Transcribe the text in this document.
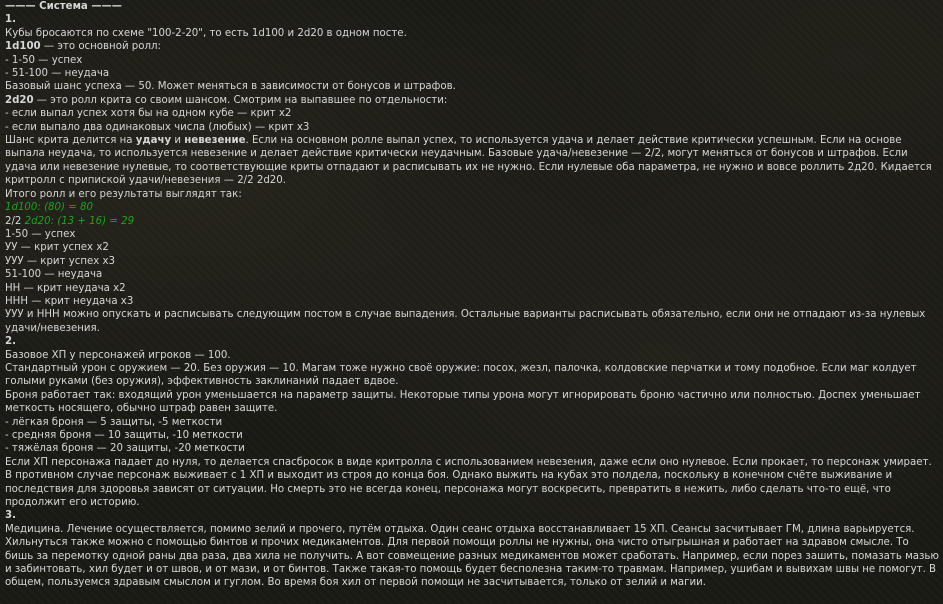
——— Система ———
1.
Кубы бросаются по схеме "100-2-20", то есть 1d100 и 2d20 в одном посте.
1d100 — это основной ролл:
- 1-50 — успех
- 51-100 — неудача
Базовый шанс успеха — 50. Может меняться в зависимости от бонусов и штрафов.
2d20 — это ролл крита со своим шансом. Смотрим на выпавшее по отдельности:
- если выпал успех хотя бы на одном кубе — крит x2
- если выпало два одинаковых числа (любых) — крит x3
Шанс крита делится на удачу и невезение. Если на основном ролле выпал успех, то используется удача и делает действие критически успешным. Если на основе выпала неудача, то используется невезение и делает действие критически неудачным. Базовые удача/невезение — 2/2, могут меняться от бонусов и штрафов. Если удача или невезение нулевые, то соответствующие криты отпадают и расписывать их не нужно. Если нулевые оба параметра, не нужно и вовсе роллить 2д20. Кидается критролл с припиской удачи/невезения — 2/2 2d20.
Итого ролл и его результаты выглядят так:
1d100: (80) = 80
2/2 2d20: (13 + 16) = 29
1-50 — успех
УУ — крит успех x2
УУУ — крит успех x3
51-100 — неудача
НН — крит неудача x2
ННН — крит неудача x3
УУУ и ННН можно опускать и расписывать следующим постом в случае выпадения. Остальные варианты расписывать обязательно, если они не отпадают из-за нулевых удачи/невезения.
2.
Базовое ХП у персонажей игроков — 100.
Стандартный урон с оружием — 20. Без оружия — 10. Магам тоже нужно своё оружие: посох, жезл, палочка, колдовские перчатки и тому подобное. Если маг колдует голыми руками (без оружия), эффективность заклинаний падает вдвое.
Броня работает так: входящий урон уменьшается на параметр защиты. Некоторые типы урона могут игнорировать броню частично или полностью. Доспех уменьшает меткость носящего, обычно штраф равен защите.
- лёгкая броня — 5 защиты, -5 меткости
- средняя броня — 10 защиты, -10 меткости
- тяжёлая броня — 20 защиты, -20 меткости
Если ХП персонажа падает до нуля, то делается спасбросок в виде критролла с использованием невезения, даже если оно нулевое. Если прокает, то персонаж умирает. В противном случае персонаж выживает с 1 ХП и выходит из строя до конца боя. Однако выжить на кубах это полдела, поскольку в конечном счёте выживание и последствия для здоровья зависят от ситуации. Но смерть это не всегда конец, персонажа могут воскресить, превратить в нежить, либо сделать что-то ещё, что продолжит его историю.
3.
Медицина. Лечение осуществляется, помимо зелий и прочего, путём отдыха. Один сеанс отдыха восстанавливает 15 ХП. Сеансы засчитывает ГМ, длина варьируется. Хильнуться также можно с помощью бинтов и прочих медикаментов. Для первой помощи роллы не нужны, она чисто отыгрышная и работает на здравом смысле. То бишь за перемотку одной раны два раза, два хила не получить. А вот совмещение разных медикаментов может сработать. Например, если порез зашить, помазать мазью и забинтовать, хил будет и от швов, и от мази, и от бинтов. Также такая-то помощь будет бесполезна таким-то травмам. Например, ушибам и вывихам швы не помогут. В общем, пользуемся здравым смыслом и гуглом. Во время боя хил от первой помощи не засчитывается, только от зелий и магии.
